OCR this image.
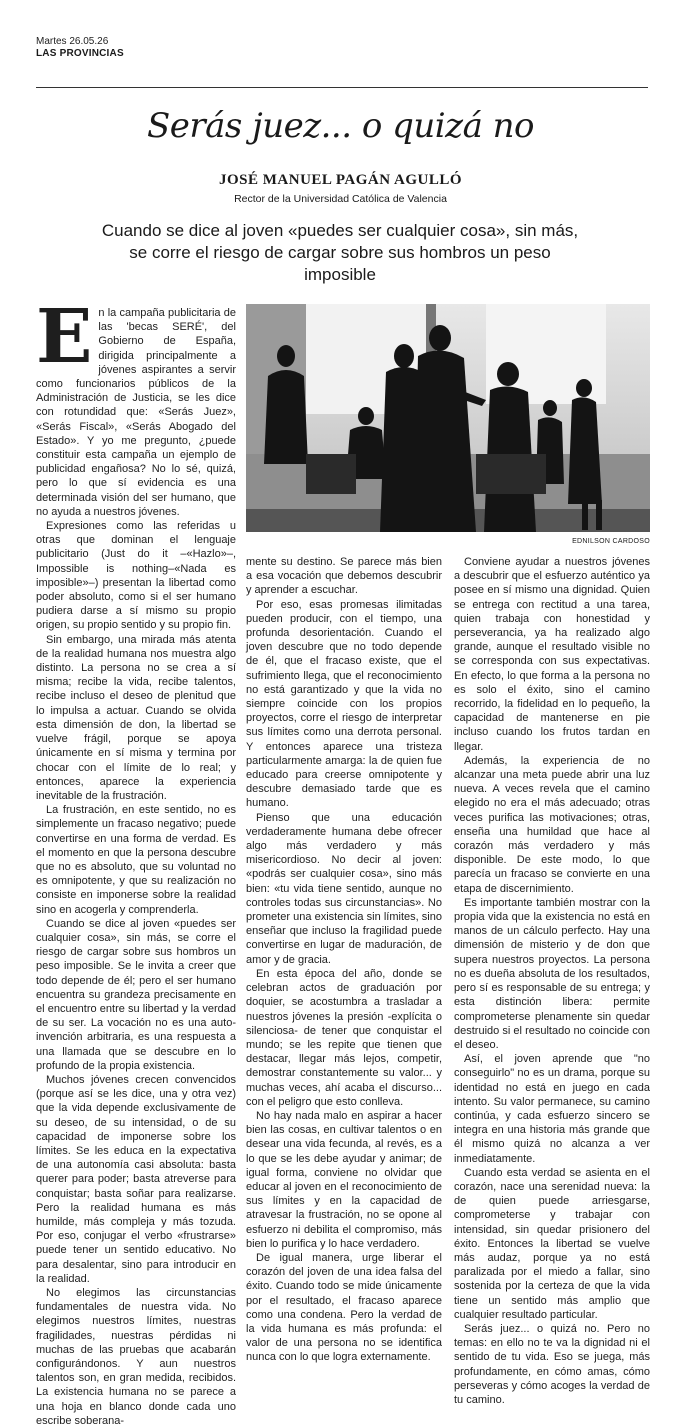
Martes 26.05.26
LAS PROVINCIAS
Serás juez... o quizá no
JOSÉ MANUEL PAGÁN AGULLÓ
Rector de la Universidad Católica de Valencia
Cuando se dice al joven «puedes ser cualquier cosa», sin más, se corre el riesgo de cargar sobre sus hombros un peso imposible
EDNILSON CARDOSO

En la campaña publicitaria de las 'becas SERÉ', del Gobierno de España, dirigida principalmente a jóvenes aspirantes a servir como funcionarios públicos de la Administración de Justicia, se les dice con rotundidad que: «Serás Juez», «Serás Fiscal», «Serás Abogado del Estado». Y yo me pregunto, ¿puede constituir esta campaña un ejemplo de publicidad engañosa? No lo sé, quizá, pero lo que sí evidencia es una determinada visión del ser humano, que no ayuda a nuestros jóvenes.

Expresiones como las referidas u otras que dominan el lenguaje publicitario (Just do it –«Hazlo»–, Impossible is nothing–«Nada es imposible»–) presentan la libertad como poder absoluto, como si el ser humano pudiera darse a sí mismo su propio origen, su propio sentido y su propio fin.

Sin embargo, una mirada más atenta de la realidad humana nos muestra algo distinto. La persona no se crea a sí misma; recibe la vida, recibe talentos, recibe incluso el deseo de plenitud que lo impulsa a actuar. Cuando se olvida esta dimensión de don, la libertad se vuelve frágil, porque se apoya únicamente en sí misma y termina por chocar con el límite de lo real; y entonces, aparece la experiencia inevitable de la frustración.

La frustración, en este sentido, no es simplemente un fracaso negativo; puede convertirse en una forma de verdad. Es el momento en que la persona descubre que no es absoluto, que su voluntad no es omnipotente, y que su realización no consiste en imponerse sobre la realidad sino en acogerla y comprenderla.

Cuando se dice al joven «puedes ser cualquier cosa», sin más, se corre el riesgo de cargar sobre sus hombros un peso imposible. Se le invita a creer que todo depende de él; pero el ser humano encuentra su grandeza precisamente en el encuentro entre su libertad y la verdad de su ser. La vocación no es una auto-invención arbitraria, es una respuesta a una llamada que se descubre en lo profundo de la propia existencia.

Muchos jóvenes crecen convencidos (porque así se les dice, una y otra vez) que la vida depende exclusivamente de su deseo, de su intensidad, o de su capacidad de imponerse sobre los límites. Se les educa en la expectativa de una autonomía casi absoluta: basta querer para poder; basta atreverse para conquistar; basta soñar para realizarse. Pero la realidad humana es más humilde, más compleja y más tozuda. Por eso, conjugar el verbo «frustrarse» puede tener un sentido educativo. No para desalentar, sino para introducir en la realidad.

No elegimos las circunstancias fundamentales de nuestra vida. No elegimos nuestros límites, nuestras fragilidades, nuestras pérdidas ni muchas de las pruebas que acabarán configurándonos. Y aun nuestros talentos son, en gran medida, recibidos. La existencia humana no se parece a una hoja en blanco donde cada uno escribe soberana-

mente su destino. Se parece más bien a esa vocación que debemos descubrir y aprender a escuchar.

Por eso, esas promesas ilimitadas pueden producir, con el tiempo, una profunda desorientación. Cuando el joven descubre que no todo depende de él, que el fracaso existe, que el sufrimiento llega, que el reconocimiento no está garantizado y que la vida no siempre coincide con los propios proyectos, corre el riesgo de interpretar sus límites como una derrota personal. Y entonces aparece una tristeza particularmente amarga: la de quien fue educado para creerse omnipotente y descubre demasiado tarde que es humano.

Pienso que una educación verdaderamente humana debe ofrecer algo más verdadero y más misericordioso. No decir al joven: «podrás ser cualquier cosa», sino más bien: «tu vida tiene sentido, aunque no controles todas sus circunstancias». No prometer una existencia sin límites, sino enseñar que incluso la fragilidad puede convertirse en lugar de maduración, de amor y de gracia.

En esta época del año, donde se celebran actos de graduación por doquier, se acostumbra a trasladar a nuestros jóvenes la presión -explícita o silenciosa- de tener que conquistar el mundo; se les repite que tienen que destacar, llegar más lejos, competir, demostrar constantemente su valor... y muchas veces, ahí acaba el discurso... con el peligro que esto conlleva.

No hay nada malo en aspirar a hacer bien las cosas, en cultivar talentos o en desear una vida fecunda, al revés, es a lo que se les debe ayudar y animar; de igual forma, conviene no olvidar que educar al joven en el reconocimiento de sus límites y en la capacidad de atravesar la frustración, no se opone al esfuerzo ni debilita el compromiso, más bien lo purifica y lo hace verdadero.

De igual manera, urge liberar el corazón del joven de una idea falsa del éxito. Cuando todo se mide únicamente por el resultado, el fracaso aparece como una condena. Pero la verdad de la vida humana es más profunda: el valor de una persona no se identifica nunca con lo que logra externamente.

Conviene ayudar a nuestros jóvenes a descubrir que el esfuerzo auténtico ya posee en sí mismo una dignidad. Quien se entrega con rectitud a una tarea, quien trabaja con honestidad y perseverancia, ya ha realizado algo grande, aunque el resultado visible no se corresponda con sus expectativas. En efecto, lo que forma a la persona no es solo el éxito, sino el camino recorrido, la fidelidad en lo pequeño, la capacidad de mantenerse en pie incluso cuando los frutos tardan en llegar.

Además, la experiencia de no alcanzar una meta puede abrir una luz nueva. A veces revela que el camino elegido no era el más adecuado; otras veces purifica las motivaciones; otras, enseña una humildad que hace al corazón más verdadero y más disponible. De este modo, lo que parecía un fracaso se convierte en una etapa de discernimiento.

Es importante también mostrar con la propia vida que la existencia no está en manos de un cálculo perfecto. Hay una dimensión de misterio y de don que supera nuestros proyectos. La persona no es dueña absoluta de los resultados, pero sí es responsable de su entrega; y esta distinción libera: permite comprometerse plenamente sin quedar destruido si el resultado no coincide con el deseo.

Así, el joven aprende que "no conseguirlo" no es un drama, porque su identidad no está en juego en cada intento. Su valor permanece, su camino continúa, y cada esfuerzo sincero se integra en una historia más grande que él mismo quizá no alcanza a ver inmediatamente.

Cuando esta verdad se asienta en el corazón, nace una serenidad nueva: la de quien puede arriesgarse, comprometerse y trabajar con intensidad, sin quedar prisionero del éxito. Entonces la libertad se vuelve más audaz, porque ya no está paralizada por el miedo a fallar, sino sostenida por la certeza de que la vida tiene un sentido más amplio que cualquier resultado particular.

Serás juez... o quizá no. Pero no temas: en ello no te va la dignidad ni el sentido de tu vida. Eso se juega, más profundamente, en cómo amas, cómo perseveras y cómo acoges la verdad de tu camino.
